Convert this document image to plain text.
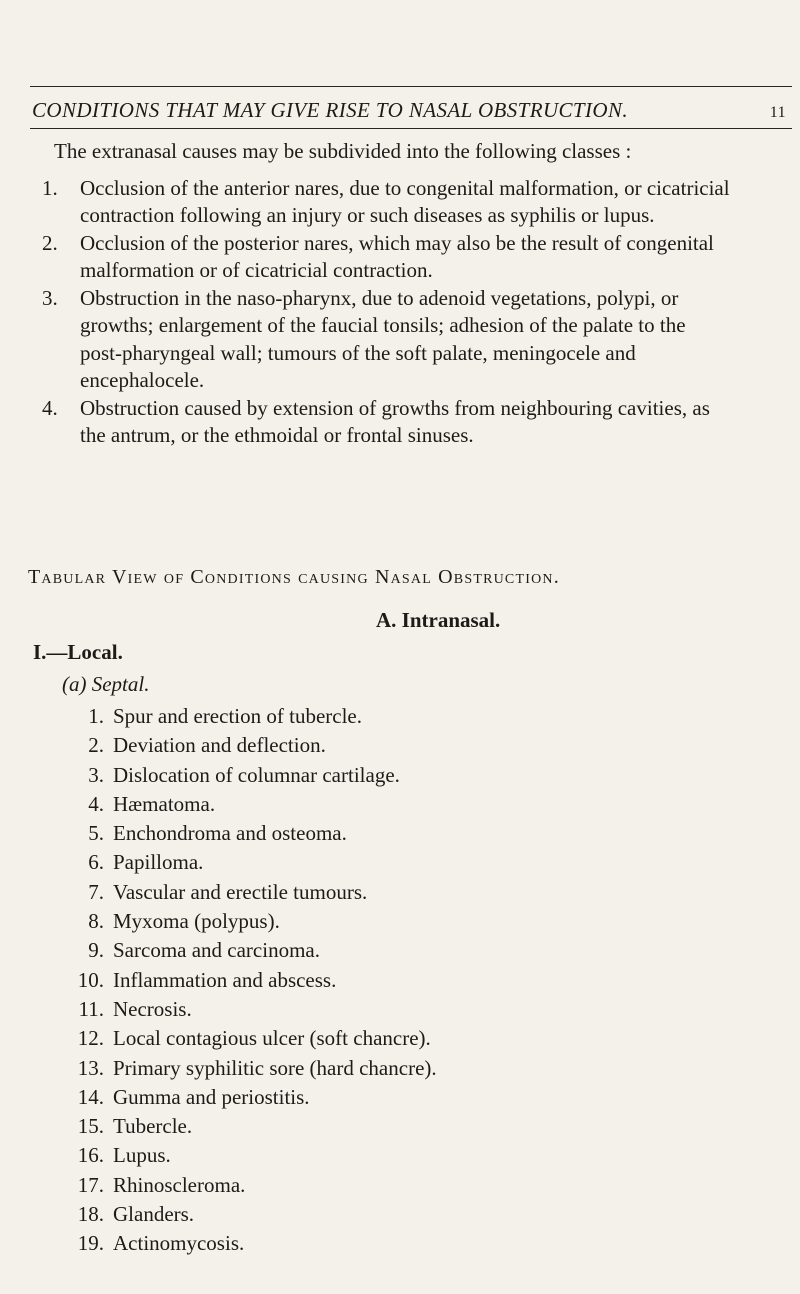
CONDITIONS THAT MAY GIVE RISE TO NASAL OBSTRUCTION.	11

The extranasal causes may be subdivided into the following classes :

1.	Occlusion of the anterior nares, due to congenital malformation, or cicatricial contraction following an injury or such diseases as syphilis or lupus.
2.	Occlusion of the posterior nares, which may also be the result of congenital malformation or of cicatricial contraction.
3.	Obstruction in the naso-pharynx, due to adenoid vegetations, polypi, or growths; enlargement of the faucial tonsils; adhesion of the palate to the post-pharyngeal wall; tumours of the soft palate, meningocele and encephalocele.
4.	Obstruction caused by extension of growths from neighbouring cavities, as the antrum, or the ethmoidal or frontal sinuses.
Tabular View of Conditions causing Nasal Obstruction.
A. Intranasal.
I.—Local.
(a) Septal.
1. Spur and erection of tubercle.
2. Deviation and deflection.
3. Dislocation of columnar cartilage.
4. Hæmatoma.
5. Enchondroma and osteoma.
6. Papilloma.
7. Vascular and erectile tumours.
8. Myxoma (polypus).
9. Sarcoma and carcinoma.
10. Inflammation and abscess.
11. Necrosis.
12. Local contagious ulcer (soft chancre).
13. Primary syphilitic sore (hard chancre).
14. Gumma and periostitis.
15. Tubercle.
16. Lupus.
17. Rhinoscleroma.
18. Glanders.
19. Actinomycosis.
